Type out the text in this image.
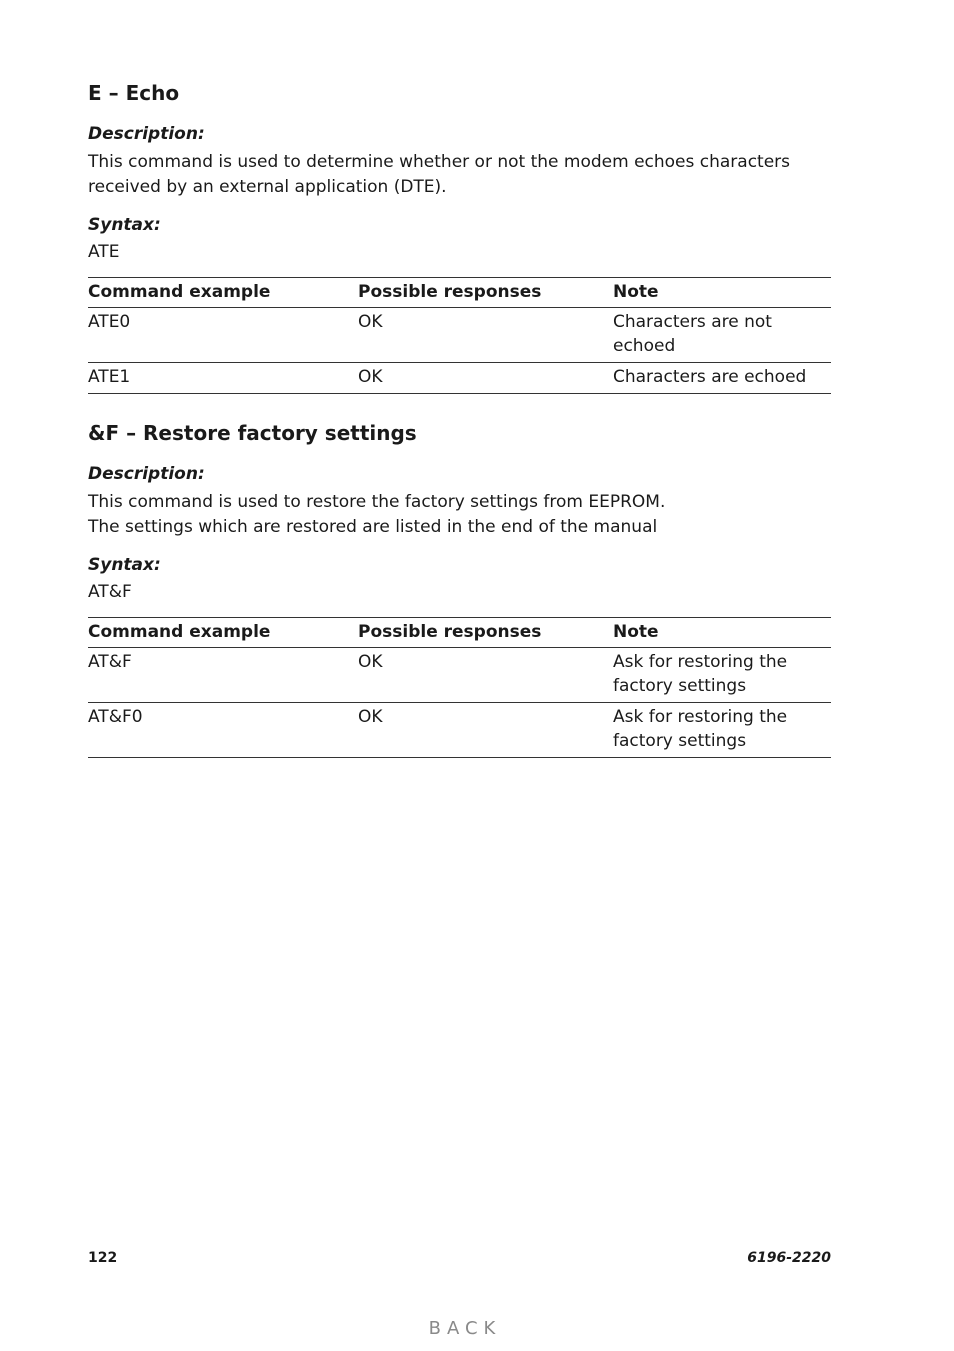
E – Echo

Description:

This command is used to determine whether or not the modem echoes characters
received by an external application (DTE).

Syntax:

ATE

Command example	Possible responses	Note
ATE0	OK	Characters are not echoed
ATE1	OK	Characters are echoed
&F – Restore factory settings

Description:

This command is used to restore the factory settings from EEPROM.
The settings which are restored are listed in the end of the manual

Syntax:

AT&F

Command example	Possible responses	Note
AT&F	OK	Ask for restoring the factory settings
AT&F0	OK	Ask for restoring the factory settings
122	6196-2220
BACK
